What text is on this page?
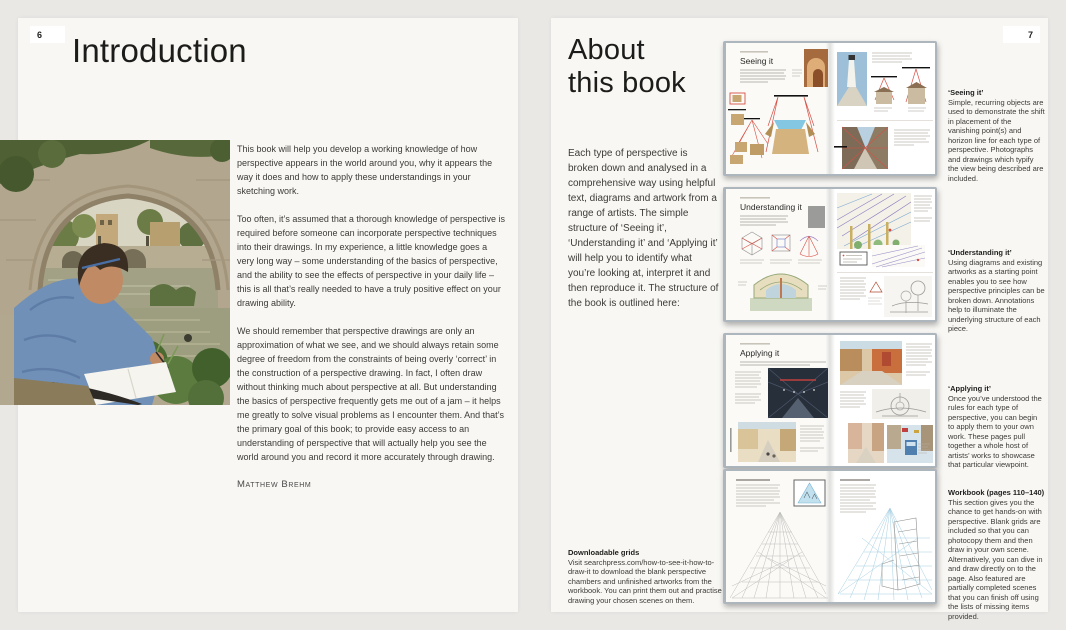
6 Introduction

This book will help you develop a working knowledge of how perspective appears in the world around you, why it appears the way it does and how to apply these understandings in your sketching work.

Too often, it’s assumed that a thorough knowledge of perspective is required before someone can incorporate perspective techniques into their drawings. In my experience, a little knowledge goes a very long way – some understanding of the basics of perspective, and the ability to see the effects of perspective in your daily life – this is all that’s really needed to have a truly positive effect on your drawing ability.

We should remember that perspective drawings are only an approximation of what we see, and we should always retain some degree of freedom from the constraints of being overly ‘correct’ in the construction of a perspective drawing. In fact, I often draw without thinking much about perspective at all. But understanding the basics of perspective frequently gets me out of a jam – it helps me greatly to solve visual problems as I encounter them. And that’s the primary goal of this book; to provide easy access to an understanding of perspective that will actually help you see the world around you and record it more accurately through drawing.

Matthew Brehm
7
About
this book
Each type of perspective is broken down and analysed in a comprehensive way using helpful text, diagrams and artwork from a range of artists. The simple structure of ‘Seeing it’, ‘Understanding it’ and ‘Applying it’ will help you to identify what you’re looking at, interpret it and then reproduce it. The structure of the book is outlined here:
Downloadable grids
Visit searchpress.com/how-to-see-it-how-to-draw-it to download the blank perspective chambers and unfinished artworks from the workbook. You can print them out and practise drawing your chosen scenes on them.
Seeing it
Understanding it
Applying it
‘Seeing it’
Simple, recurring objects are used to demonstrate the shift in placement of the vanishing point(s) and horizon line for each type of perspective. Photographs and drawings which typify the view being described are included.
‘Understanding it’
Using diagrams and existing artworks as a starting point enables you to see how perspective principles can be broken down. Annotations help to illuminate the underlying structure of each piece.
‘Applying it’
Once you’ve understood the rules for each type of perspective, you can begin to apply them to your own work. These pages pull together a whole host of artists’ works to showcase that particular viewpoint.
Workbook (pages 110–140)
This section gives you the chance to get hands-on with perspective. Blank grids are included so that you can photocopy them and then draw in your own scene. Alternatively, you can dive in and draw directly on to the page. Also featured are partially completed scenes that you can finish off using the lists of missing items provided.
